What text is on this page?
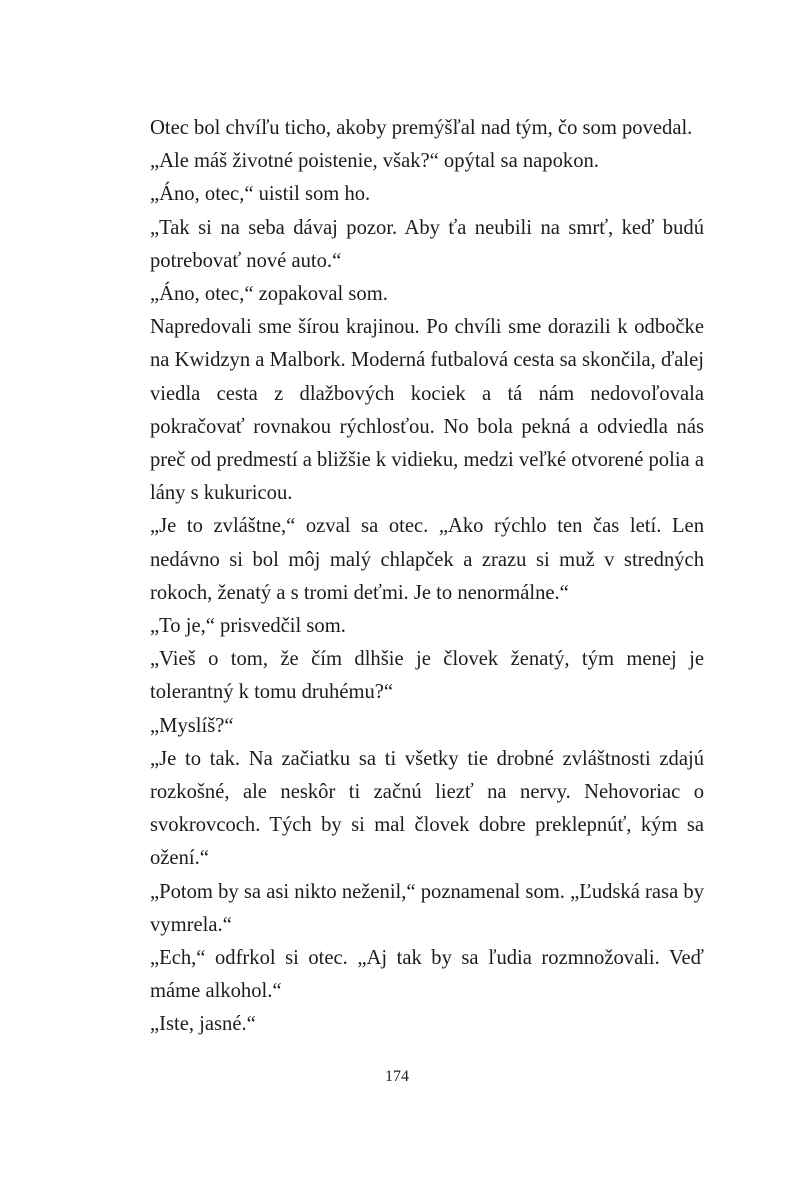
Otec bol chvíľu ticho, akoby premýšľal nad tým, čo som povedal.

„Ale máš životné poistenie, však?“ opýtal sa napokon.

„Áno, otec,“ uistil som ho.

„Tak si na seba dávaj pozor. Aby ťa neubili na smrť, keď budú potrebovať nové auto.“

„Áno, otec,“ zopakoval som.

Napredovali sme šírou krajinou. Po chvíli sme dorazili k odbočke na Kwidzyn a Malbork. Moderná futbalová cesta sa skončila, ďalej viedla cesta z dlažbových kociek a tá nám nedovoľovala pokračovať rovnakou rýchlosťou. No bola pekná a odviedla nás preč od predmestí a bližšie k vidieku, medzi veľké otvorené polia a lány s kukuricou.

„Je to zvláštne,“ ozval sa otec. „Ako rýchlo ten čas letí. Len nedávno si bol môj malý chlapček a zrazu si muž v stredných rokoch, ženatý a s tromi deťmi. Je to nenormálne.“

„To je,“ prisvedčil som.

„Vieš o tom, že čím dlhšie je človek ženatý, tým menej je tolerantný k tomu druhému?“

„Myslíš?“

„Je to tak. Na začiatku sa ti všetky tie drobné zvláštnosti zdajú rozkošné, ale neskôr ti začnú liezť na nervy. Nehovoriac o svokrovcoch. Tých by si mal človek dobre preklepnúť, kým sa ožení.“

„Potom by sa asi nikto neženil,“ poznamenal som. „Ľudská rasa by vymrela.“

„Ech,“ odfrkol si otec. „Aj tak by sa ľudia rozmnožovali. Veď máme alkohol.“

„Iste, jasné.“

174
